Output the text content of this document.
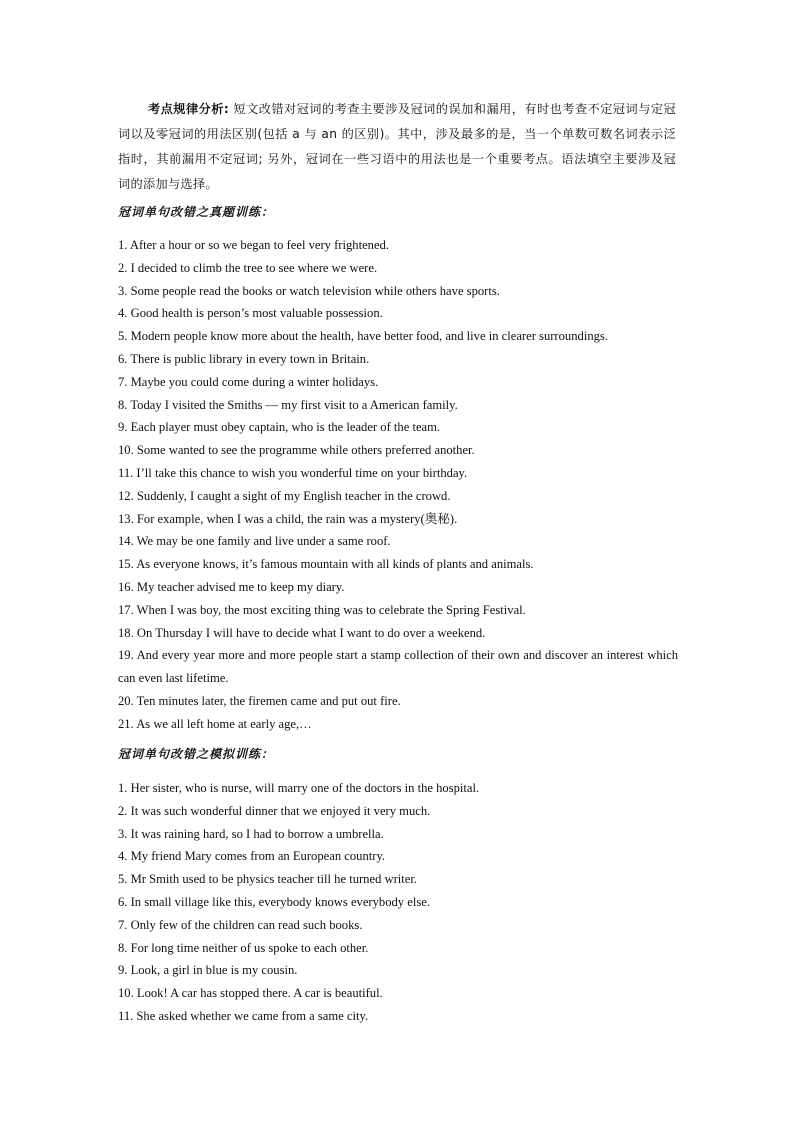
考点规律分析: 短文改错对冠词的考查主要涉及冠词的误加和漏用，有时也考查不定冠词与定冠词以及零冠词的用法区别(包括 a 与 an 的区别)。其中，涉及最多的是，当一个单数可数名词表示泛指时，其前漏用不定冠词; 另外，冠词在一些习语中的用法也是一个重要考点。语法填空主要涉及冠词的添加与选择。

冠词单句改错之真题训练：
1. After a hour or so we began to feel very frightened.
2. I decided to climb the tree to see where we were.
3. Some people read the books or watch television while others have sports.
4. Good health is person’s most valuable possession.
5. Modern people know more about the health, have better food, and live in clearer surroundings.
6. There is public library in every town in Britain.
7. Maybe you could come during a winter holidays.
8. Today I visited the Smiths — my first visit to a American family.
9. Each player must obey captain, who is the leader of the team.
10. Some wanted to see the programme while others preferred another.
11. I’ll take this chance to wish you wonderful time on your birthday.
12. Suddenly, I caught a sight of my English teacher in the crowd.
13. For example, when I was a child, the rain was a mystery(奥秘).
14. We may be one family and live under a same roof.
15. As everyone knows, it’s famous mountain with all kinds of plants and animals.
16. My teacher advised me to keep my diary.
17. When I was boy, the most exciting thing was to celebrate the Spring Festival.
18. On Thursday I will have to decide what I want to do over a weekend.
19. And every year more and more people start a stamp collection of their own and discover an interest which can even last lifetime.
20. Ten minutes later, the firemen came and put out fire.
21. As we all left home at early age,…
冠词单句改错之模拟训练：
1. Her sister, who is nurse, will marry one of the doctors in the hospital.
2. It was such wonderful dinner that we enjoyed it very much.
3. It was raining hard, so I had to borrow a umbrella.
4. My friend Mary comes from an European country.
5. Mr Smith used to be physics teacher till he turned writer.
6. In small village like this, everybody knows everybody else.
7. Only few of the children can read such books.
8. For long time neither of us spoke to each other.
9. Look, a girl in blue is my cousin.
10. Look! A car has stopped there. A car is beautiful.
11. She asked whether we came from a same city.
